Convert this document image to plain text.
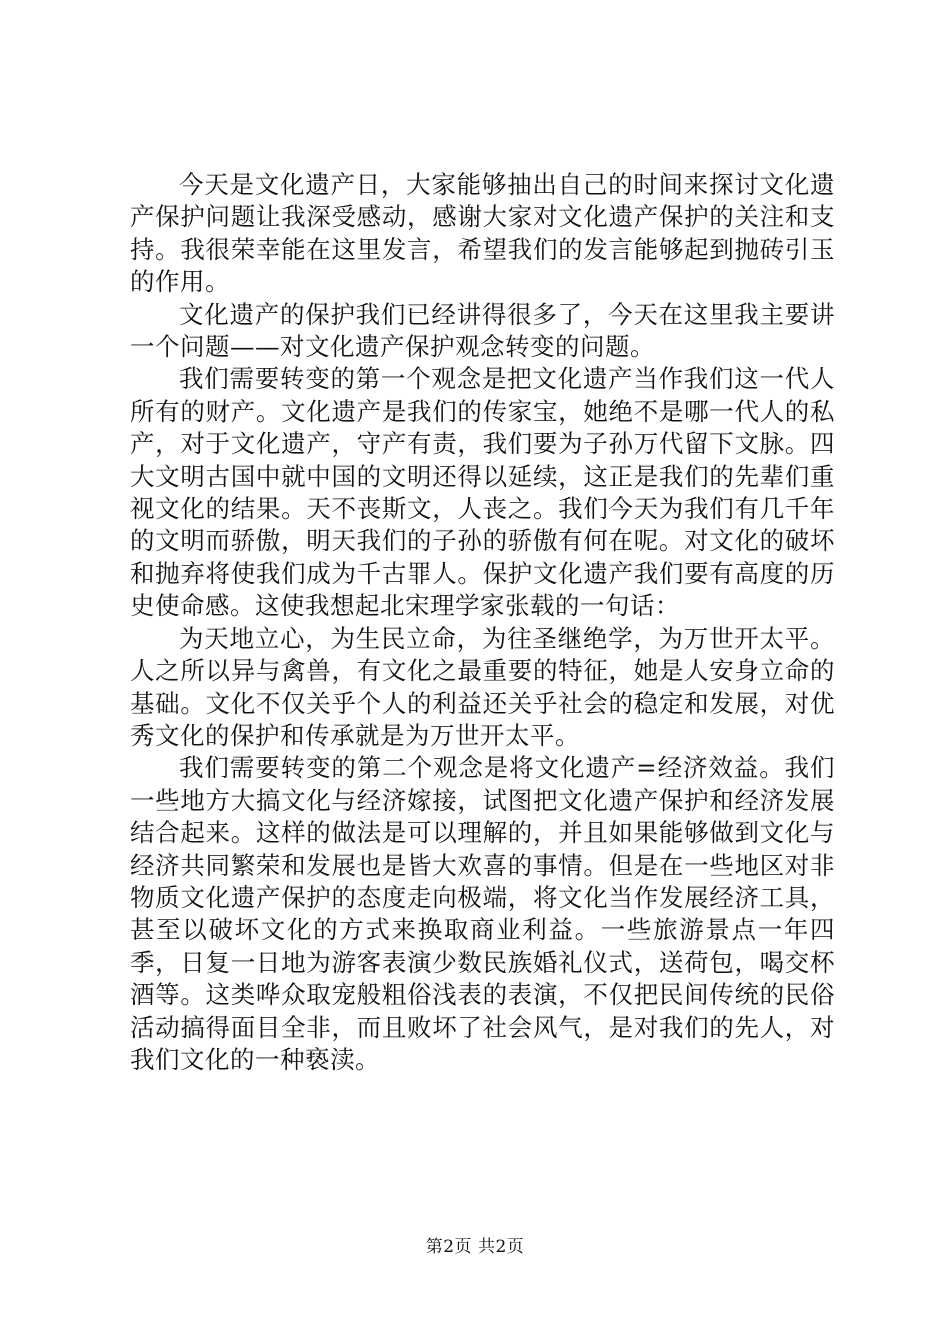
今天是文化遗产日，大家能够抽出自己的时间来探讨文化遗产保护问题让我深受感动，感谢大家对文化遗产保护的关注和支持。我很荣幸能在这里发言，希望我们的发言能够起到抛砖引玉的作用。

文化遗产的保护我们已经讲得很多了，今天在这里我主要讲一个问题——对文化遗产保护观念转变的问题。

我们需要转变的第一个观念是把文化遗产当作我们这一代人所有的财产。文化遗产是我们的传家宝，她绝不是哪一代人的私产，对于文化遗产，守产有责，我们要为子孙万代留下文脉。四大文明古国中就中国的文明还得以延续，这正是我们的先辈们重视文化的结果。天不丧斯文，人丧之。我们今天为我们有几千年的文明而骄傲，明天我们的子孙的骄傲有何在呢。对文化的破坏和抛弃将使我们成为千古罪人。保护文化遗产我们要有高度的历史使命感。这使我想起北宋理学家张载的一句话：

为天地立心，为生民立命，为往圣继绝学，为万世开太平。人之所以异与禽兽，有文化之最重要的特征，她是人安身立命的基础。文化不仅关乎个人的利益还关乎社会的稳定和发展，对优秀文化的保护和传承就是为万世开太平。

我们需要转变的第二个观念是将文化遗产=经济效益。我们一些地方大搞文化与经济嫁接，试图把文化遗产保护和经济发展结合起来。这样的做法是可以理解的，并且如果能够做到文化与经济共同繁荣和发展也是皆大欢喜的事情。但是在一些地区对非物质文化遗产保护的态度走向极端，将文化当作发展经济工具，甚至以破坏文化的方式来换取商业利益。一些旅游景点一年四季，日复一日地为游客表演少数民族婚礼仪式，送荷包，喝交杯酒等。这类哗众取宠般粗俗浅表的表演，不仅把民间传统的民俗活动搞得面目全非，而且败坏了社会风气，是对我们的先人，对我们文化的一种亵渎。

第2页 共2页
